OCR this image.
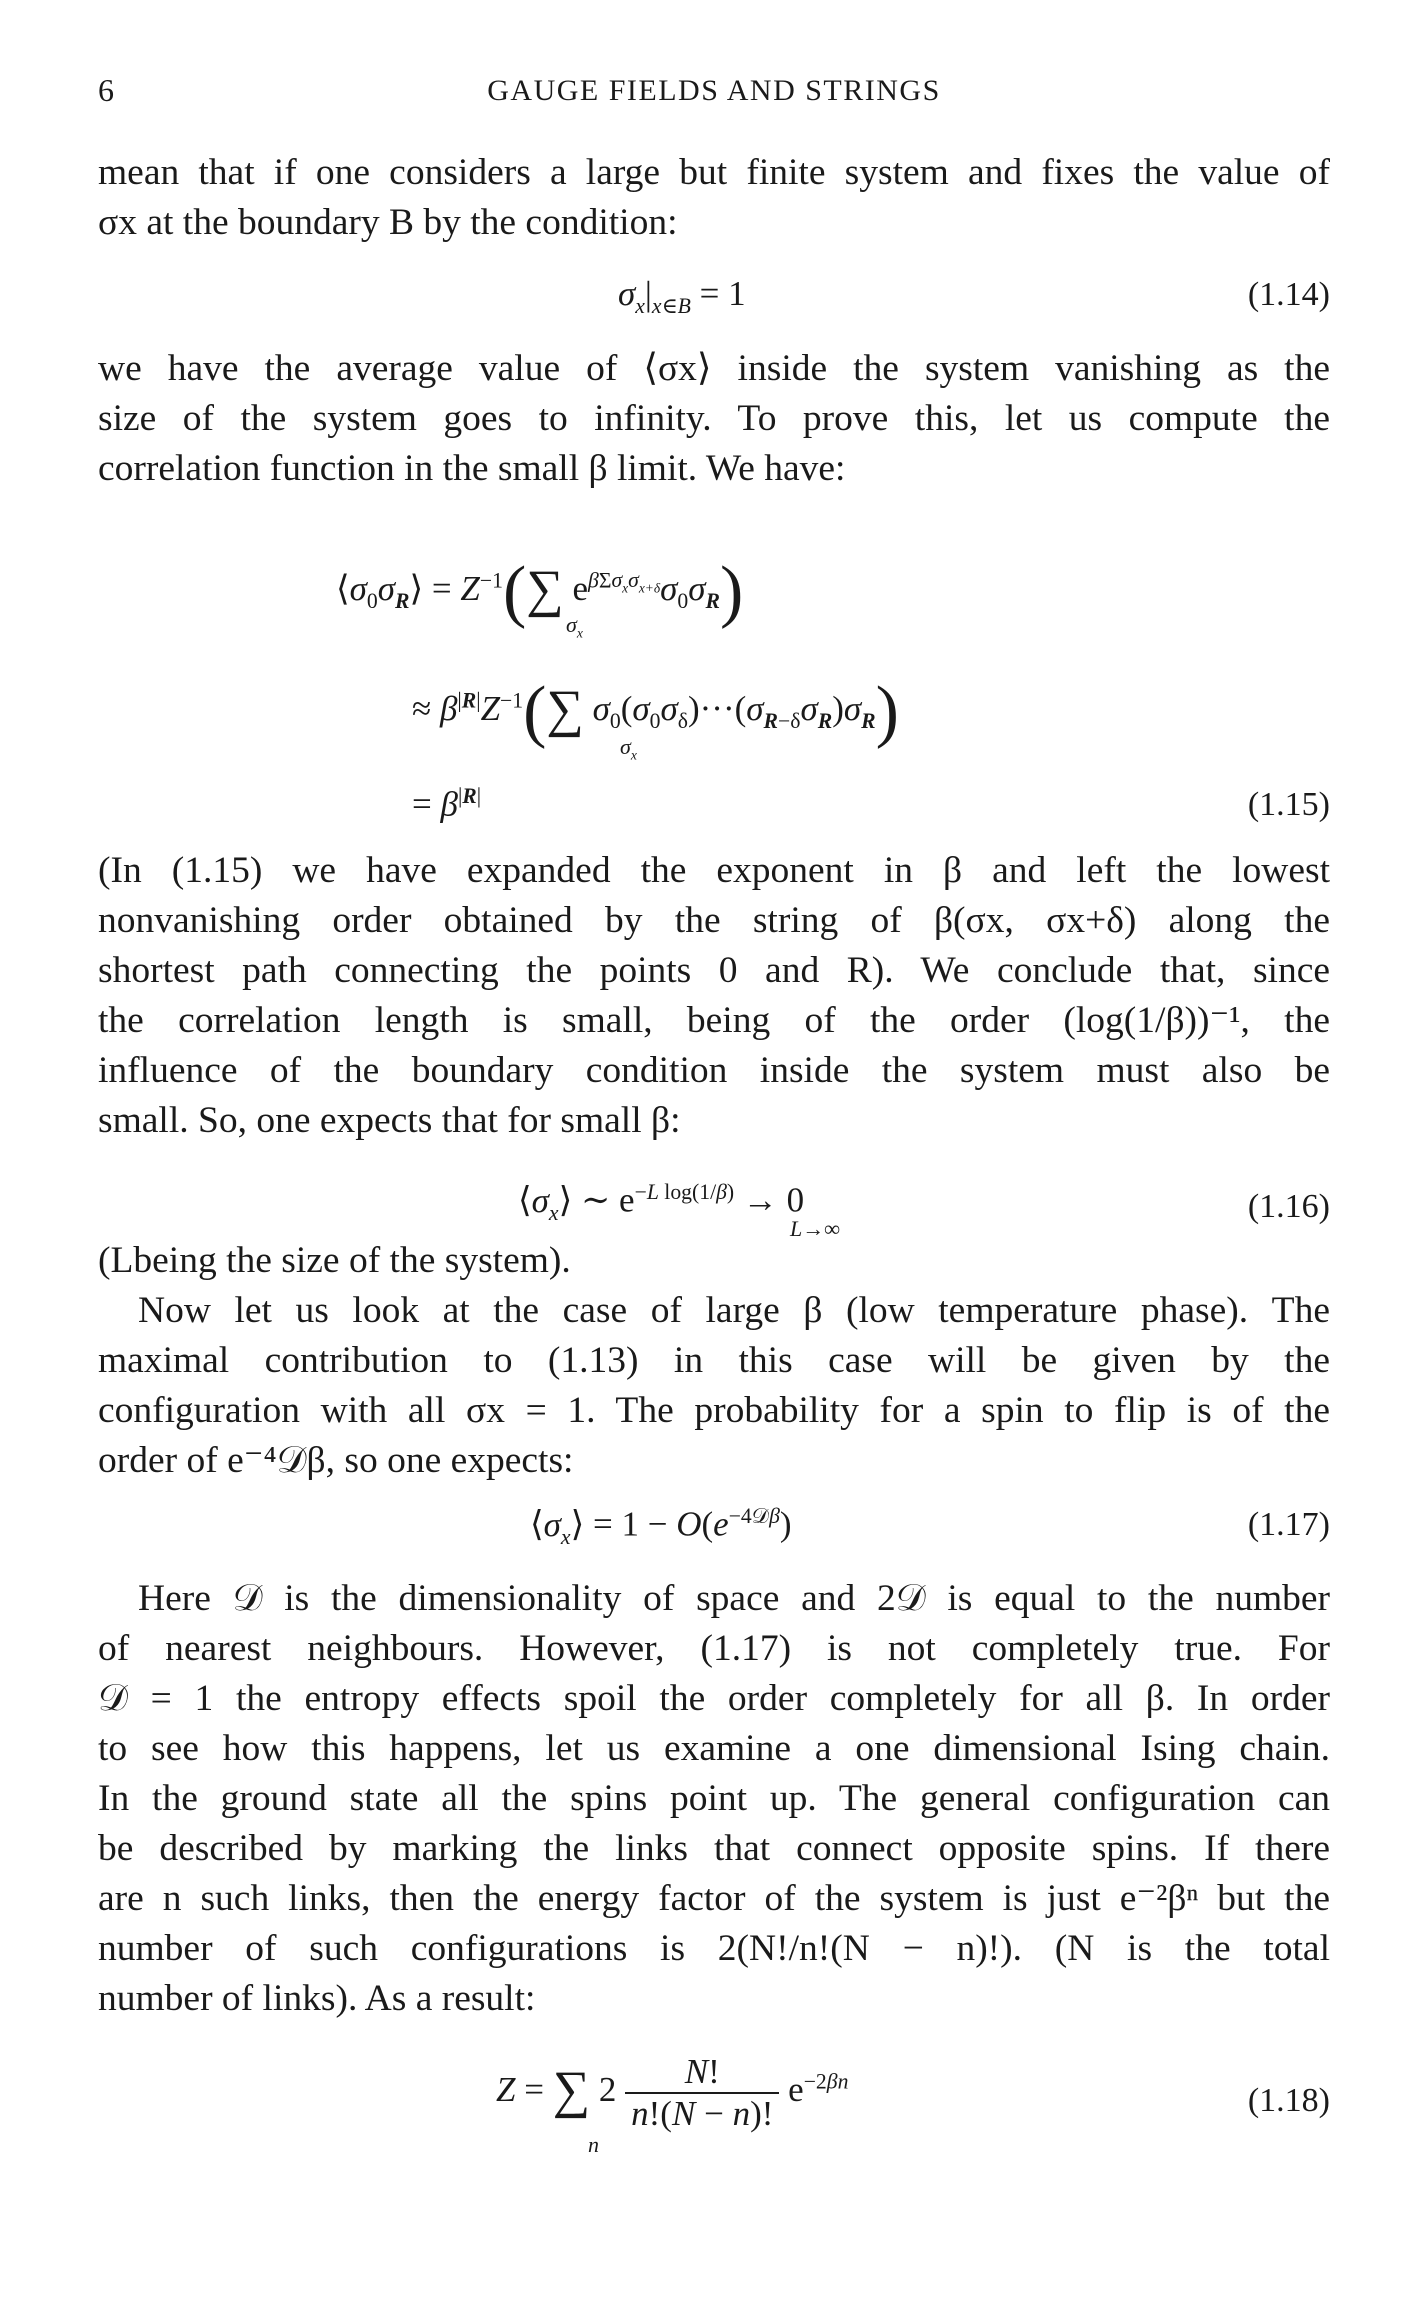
6	GAUGE FIELDS AND STRINGS
mean that if one considers a large but finite system and fixes the value of
σx at the boundary B by the condition:
$\sigma_x|_{x\in B} = 1$	(1.14)
we have the average value of ⟨σx⟩ inside the system vanishing as the
size of the system goes to infinity. To prove this, let us compute the
correlation function in the small β limit. We have:
$⟨\sigma_0\sigma_R⟩ = Z^{-1}(\sum$ $e^{\beta\Sigma\sigma_x\sigma_{x+\delta}}\sigma_0\sigma_R$)
$\sigma_x$
≈ $\beta^{|R|}Z^{-1}(\sum$ $\sigma_0(\sigma_0\sigma_\delta)\cdot\cdot\cdot(\sigma_{R-\delta}\sigma_R)\sigma_R$)
$\sigma_x$
= $\beta^{|R|}$	(1.15)
(In (1.15) we have expanded the exponent in β and left the lowest
nonvanishing order obtained by the string of β(σx, σx+δ) along the
shortest path connecting the points 0 and R). We conclude that, since
the correlation length is small, being of the order (log(1/β))⁻¹, the
influence of the boundary condition inside the system must also be
small. So, one expects that for small β:
$⟨\sigma_x⟩$ ∼ $e^{-L log(1/\beta)} \to 0$
L→∞
(1.16)
(Lbeing the size of the system).
Now let us look at the case of large β (low temperature phase). The
maximal contribution to (1.13) in this case will be given by the
configuration with all σx = 1. The probability for a spin to flip is of the
order of e⁻⁴𝒟β, so one expects:
$⟨\sigma_x⟩ = 1 - O(e^{-4𝒟\beta})$	(1.17)
Here 𝒟 is the dimensionality of space and 2𝒟 is equal to the number
of nearest neighbours. However, (1.17) is not completely true. For
𝒟 = 1 the entropy effects spoil the order completely for all β. In order
to see how this happens, let us examine a one dimensional Ising chain.
In the ground state all the spins point up. The general configuration can
be described by marking the links that connect opposite spins. If there
are n such links, then the energy factor of the system is just e⁻²βⁿ but the
number of such configurations is 2(N!/n!(N − n)!). (N is the total
number of links). As a result:
Z = ∑ $2 \frac{N!}{n!(N - n)!} e^{-2\beta n}$
n
(1.18)
